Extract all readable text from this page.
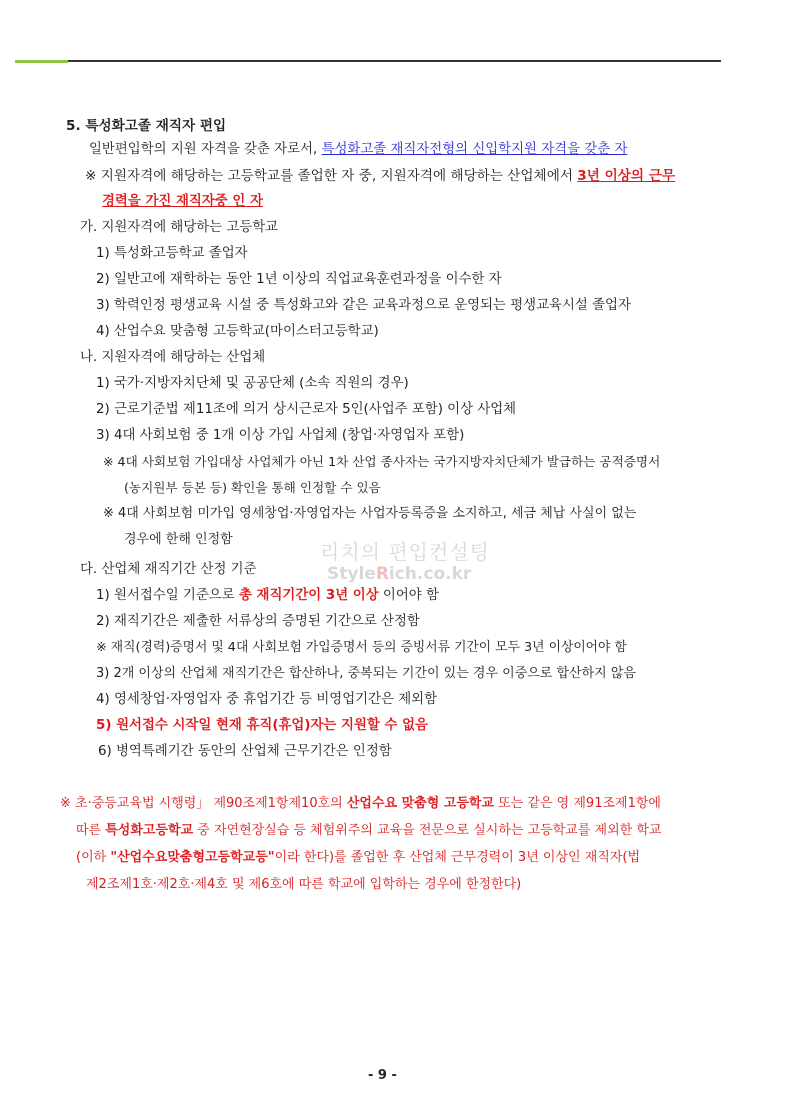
5. 특성화고졸 재직자 편입
일반편입학의 지원 자격을 갖춘 자로서, 특성화고졸 재직자전형의 신입학지원 자격을 갖춘 자
※ 지원자격에 해당하는 고등학교를 졸업한 자 중, 지원자격에 해당하는 산업체에서 3년 이상의 근무
경력을 가진 재직자중 인 자
가. 지원자격에 해당하는 고등학교
1) 특성화고등학교 졸업자
2) 일반고에 재학하는 동안 1년 이상의 직업교육훈련과정을 이수한 자
3) 학력인정 평생교육 시설 중 특성화고와 같은 교육과정으로 운영되는 평생교육시설 졸업자
4) 산업수요 맞춤형 고등학교(마이스터고등학교)
나. 지원자격에 해당하는 산업체
1) 국가·지방자치단체 및 공공단체 (소속 직원의 경우)
2) 근로기준법 제11조에 의거 상시근로자 5인(사업주 포함) 이상 사업체
3) 4대 사회보험 중 1개 이상 가입 사업체 (창업·자영업자 포함)
※ 4대 사회보험 가입대상 사업체가 아닌 1차 산업 종사자는 국가지방자치단체가 발급하는 공적증명서
(농지원부 등본 등) 확인을 통해 인정할 수 있음
※ 4대 사회보험 미가입 영세창업·자영업자는 사업자등록증을 소지하고, 세금 체납 사실이 없는
경우에 한해 인정함
리치의 편입컨설팅
StyleRich.co.kr
다. 산업체 재직기간 산정 기준
1) 원서접수일 기준으로 총 재직기간이 3년 이상 이어야 함
2) 재직기간은 제출한 서류상의 증명된 기간으로 산정함
※ 재직(경력)증명서 및 4대 사회보험 가입증명서 등의 증빙서류 기간이 모두 3년 이상이어야 함
3) 2개 이상의 산업체 재직기간은 합산하나, 중복되는 기간이 있는 경우 이중으로 합산하지 않음
4) 영세창업·자영업자 중 휴업기간 등 비영업기간은 제외함
5) 원서접수 시작일 현재 휴직(휴업)자는 지원할 수 없음
6) 병역특례기간 동안의 산업체 근무기간은 인정함
※ 초·중등교육법 시행령」 제90조제1항제10호의 산업수요 맞춤형 고등학교 또는 같은 영 제91조제1항에
따른 특성화고등학교 중 자연현장실습 등 체험위주의 교육을 전문으로 실시하는 고등학교를 제외한 학교
(이하 "산업수요맞춤형고등학교등"이라 한다)를 졸업한 후 산업체 근무경력이 3년 이상인 재직자(법
제2조제1호·제2호·제4호 및 제6호에 따른 학교에 입학하는 경우에 한정한다)
- 9 -
